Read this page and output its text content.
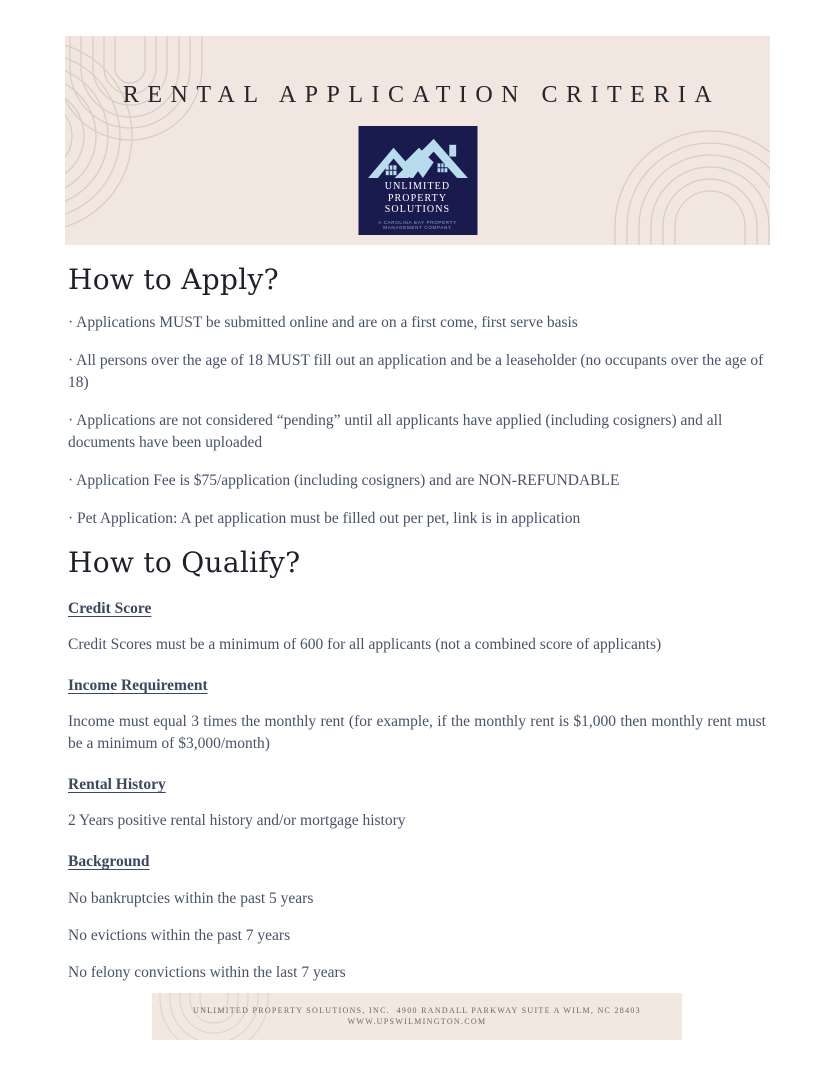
RENTAL APPLICATION CRITERIA
UNLIMITED
PROPERTY
SOLUTIONS
A CAROLINA BAY PROPERTY
MANAGEMENT COMPANY
How to Apply?

· Applications MUST be submitted online and are on a first come, first serve basis

· All persons over the age of 18 MUST fill out an application and be a leaseholder (no occupants over the age of 18)

· Applications are not considered “pending” until all applicants have applied (including cosigners) and all documents have been uploaded

· Application Fee is $75/application (including cosigners) and are NON-REFUNDABLE

· Pet Application: A pet application must be filled out per pet, link is in application

How to Qualify?

Credit Score

Credit Scores must be a minimum of 600 for all applicants (not a combined score of applicants)

Income Requirement

Income must equal 3 times the monthly rent (for example, if the monthly rent is $1,000 then monthly rent must be a minimum of $3,000/month)

Rental History

2 Years positive rental history and/or mortgage history

Background

No bankruptcies within the past 5 years

No evictions within the past 7 years

No felony convictions within the last 7 years

UNLIMITED PROPERTY SOLUTIONS, INC.  4900 RANDALL PARKWAY SUITE A WILM, NC 28403
WWW.UPSWILMINGTON.COM
